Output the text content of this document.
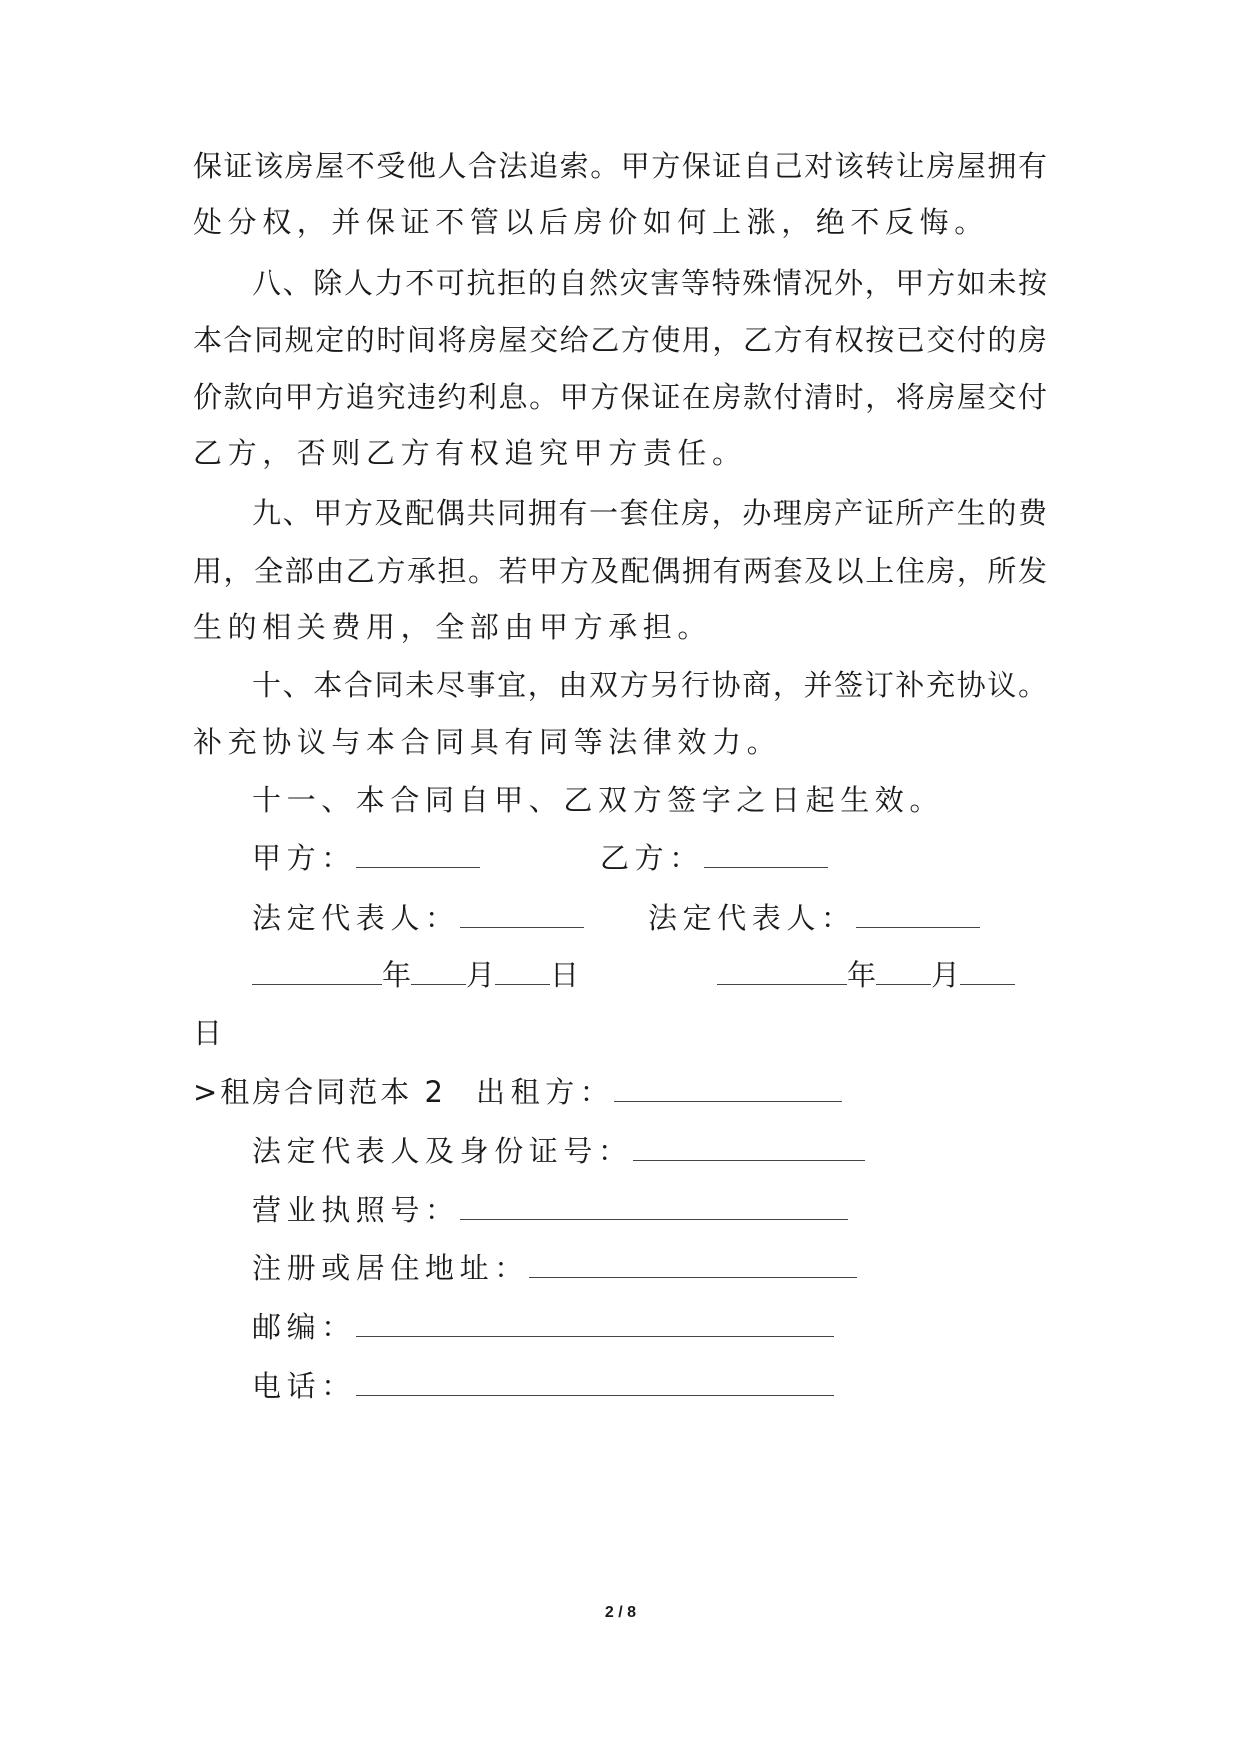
保证该房屋不受他人合法追索。甲方保证自己对该转让房屋拥有
处分权，并保证不管以后房价如何上涨，绝不反悔。
八、除人力不可抗拒的自然灾害等特殊情况外，甲方如未按
本合同规定的时间将房屋交给乙方使用，乙方有权按已交付的房
价款向甲方追究违约利息。甲方保证在房款付清时，将房屋交付
乙方，否则乙方有权追究甲方责任。
九、甲方及配偶共同拥有一套住房，办理房产证所产生的费
用，全部由乙方承担。若甲方及配偶拥有两套及以上住房，所发
生的相关费用，全部由甲方承担。
十、本合同未尽事宜，由双方另行协商，并签订补充协议。
补充协议与本合同具有同等法律效力。
十一、本合同自甲、乙双方签字之日起生效。
甲方：	乙方：
法定代表人：	法定代表人：
年 月 日	年 月
日
>租房合同范本 2 出租方：
法定代表人及身份证号：
营业执照号：
注册或居住地址：
邮编：
电话：
2 / 8
